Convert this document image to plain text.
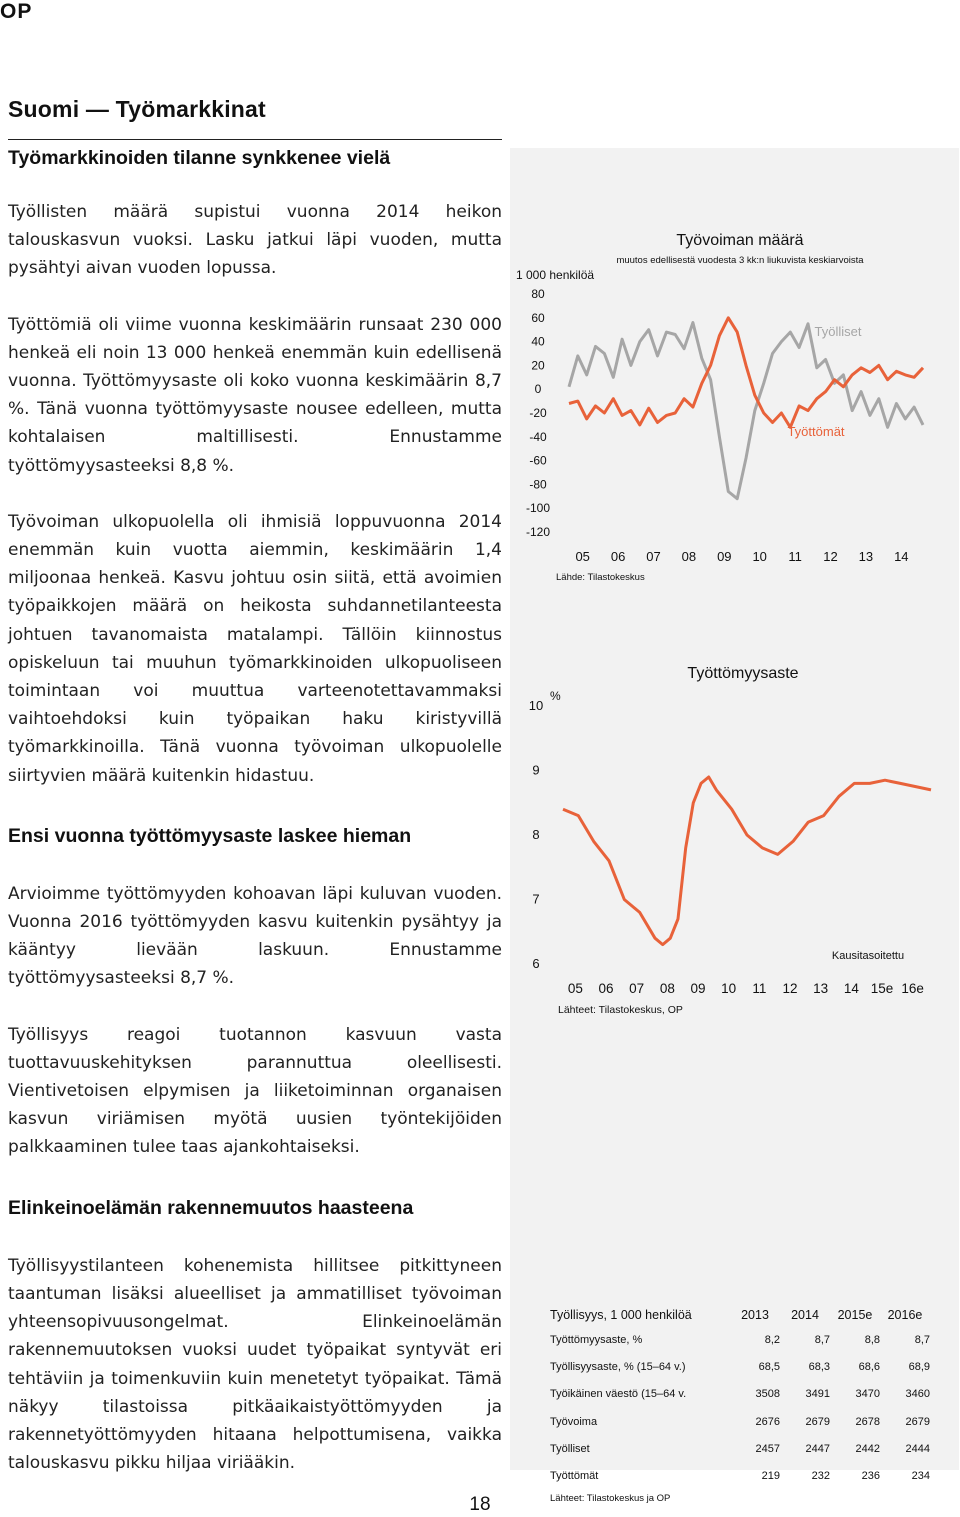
OP
Suomi — Työmarkkinat
Työmarkkinoiden tilanne synkkenee vielä

Työllisten määrä supistui vuonna 2014 heikon talouskasvun vuoksi. Lasku jatkui läpi vuoden, mutta pysähtyi aivan vuoden lopussa.

Työttömiä oli viime vuonna keskimäärin runsaat 230 000 henkeä eli noin 13 000 henkeä enemmän kuin edellisenä vuonna. Työttömyysaste oli koko vuonna keskimäärin 8,7 %. Tänä vuonna työttömyysaste nousee edelleen, mutta kohtalaisen maltillisesti. Ennustamme työttömyysasteeksi 8,8 %.

Työvoiman ulkopuolella oli ihmisiä loppuvuonna 2014 enemmän kuin vuotta aiemmin, keskimäärin 1,4 miljoonaa henkeä. Kasvu johtuu osin siitä, että avoimien työpaikkojen määrä on heikosta suhdannetilanteesta johtuen tavanomaista matalampi. Tällöin kiinnostus opiskeluun tai muuhun työmarkkinoiden ulkopuoliseen toimintaan voi muuttua varteenotettavammaksi vaihtoehdoksi kuin työpaikan haku kiristyvillä työmarkkinoilla. Tänä vuonna työvoiman ulkopuolelle siirtyvien määrä kuitenkin hidastuu.

Ensi vuonna työttömyysaste laskee hieman

Arvioimme työttömyyden kohoavan läpi kuluvan vuoden. Vuonna 2016 työttömyyden kasvu kuitenkin pysähtyy ja kääntyy lievään laskuun. Ennustamme työttömyysasteeksi 8,7 %.

Työllisyys reagoi tuotannon kasvuun vasta tuottavuuskehityksen parannuttua oleellisesti. Vientivetoisen elpymisen ja liiketoiminnan organaisen kasvun viriämisen myötä uusien työntekijöiden palkkaaminen tulee taas ajankohtaiseksi.

Elinkeinoelämän rakennemuutos haasteena

Työllisyystilanteen kohenemista hillitsee pitkittyneen taantuman lisäksi alueelliset ja ammatilliset työvoiman yhteensopivuusongelmat. Elinkeinoelämän rakennemuutoksen vuoksi uudet työpaikat syntyvät eri tehtäviin ja toimenkuviin kuin menetetyt työpaikat. Tämä näkyy tilastoissa pitkäaikaistyöttömyyden ja rakennetyöttömyyden hitaana helpottumisena, vaikka talouskasvu pikku hiljaa viriääkin.

Työvoiman määrä
muutos edellisestä vuodesta 3 kk:n liukuvista keskiarvoista
1 000 henkilöä
Lähde: Tilastokeskus
Työlliset
Työttömät
80
60
40
20
0
-20
-40
-60
-80
-100
-120
05 06 07 08 09 10 11 12 13 14
Työttömyysaste
%
Kausitasoitettu
Lähteet: Tilastokeskus, OP
10
9
8
7
6
05 06 07 08 09 10 11 12 13 14 15e 16e
Työllisyys, 1 000 henkilöä	2013	2014	2015e	2016e
Työttömyysaste, %	8,2	8,7	8,8	8,7
Työllisyysaste, % (15–64 v.)	68,5	68,3	68,6	68,9
Työikäinen väestö (15–64 v.	3508	3491	3470	3460
Työvoima	2676	2679	2678	2679
Työlliset	2457	2447	2442	2444
Työttömät	219	232	236	234
Lähteet: Tilastokeskus ja OP
18
